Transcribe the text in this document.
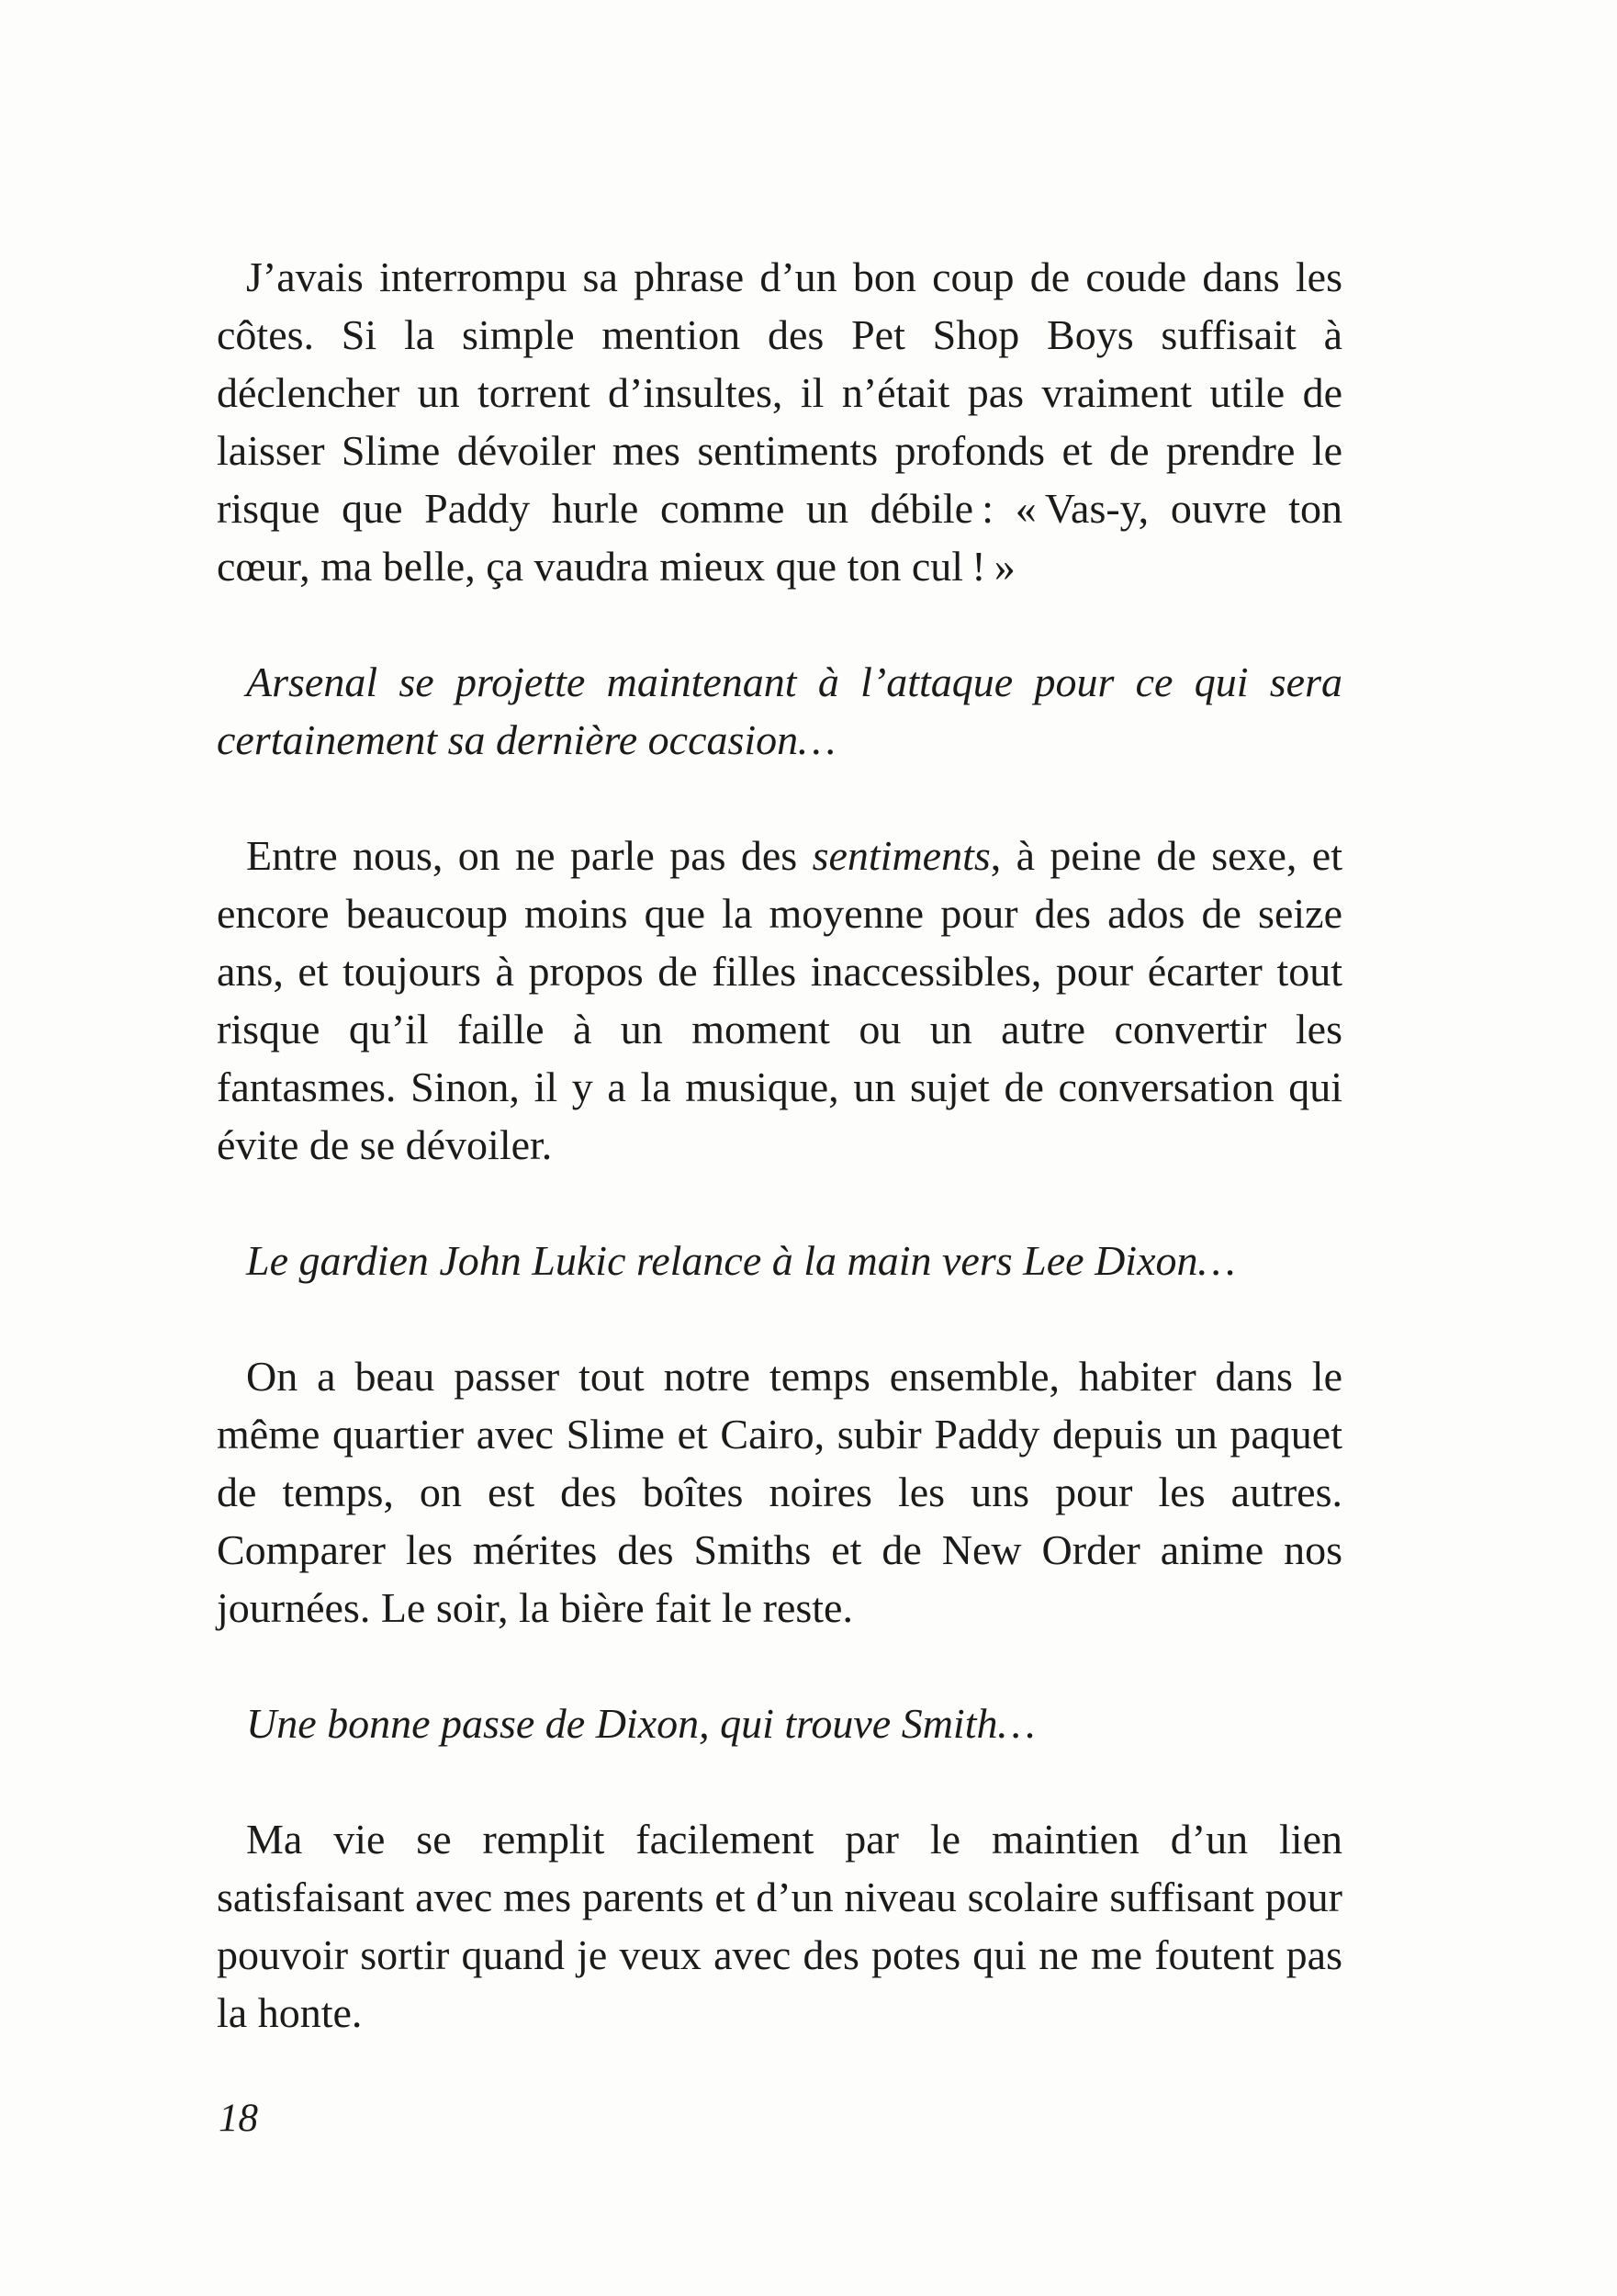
J’avais interrompu sa phrase d’un bon coup de coude dans les côtes. Si la simple mention des Pet Shop Boys suffisait à déclencher un torrent d’insultes, il n’était pas vraiment utile de laisser Slime dévoiler mes sentiments profonds et de prendre le risque que Paddy hurle comme un débile : « Vas-y, ouvre ton cœur, ma belle, ça vaudra mieux que ton cul ! »

Arsenal se projette maintenant à l’attaque pour ce qui sera certainement sa dernière occasion…

Entre nous, on ne parle pas des sentiments, à peine de sexe, et encore beaucoup moins que la moyenne pour des ados de seize ans, et toujours à propos de filles inaccessibles, pour écarter tout risque qu’il faille à un moment ou un autre convertir les fantasmes. Sinon, il y a la musique, un sujet de conversation qui évite de se dévoiler.

Le gardien John Lukic relance à la main vers Lee Dixon…

On a beau passer tout notre temps ensemble, habiter dans le même quartier avec Slime et Cairo, subir Paddy depuis un paquet de temps, on est des boîtes noires les uns pour les autres. Comparer les mérites des Smiths et de New Order anime nos journées. Le soir, la bière fait le reste.

Une bonne passe de Dixon, qui trouve Smith…

Ma vie se remplit facilement par le maintien d’un lien satisfaisant avec mes parents et d’un niveau scolaire suffisant pour pouvoir sortir quand je veux avec des potes qui ne me foutent pas la honte.

18
